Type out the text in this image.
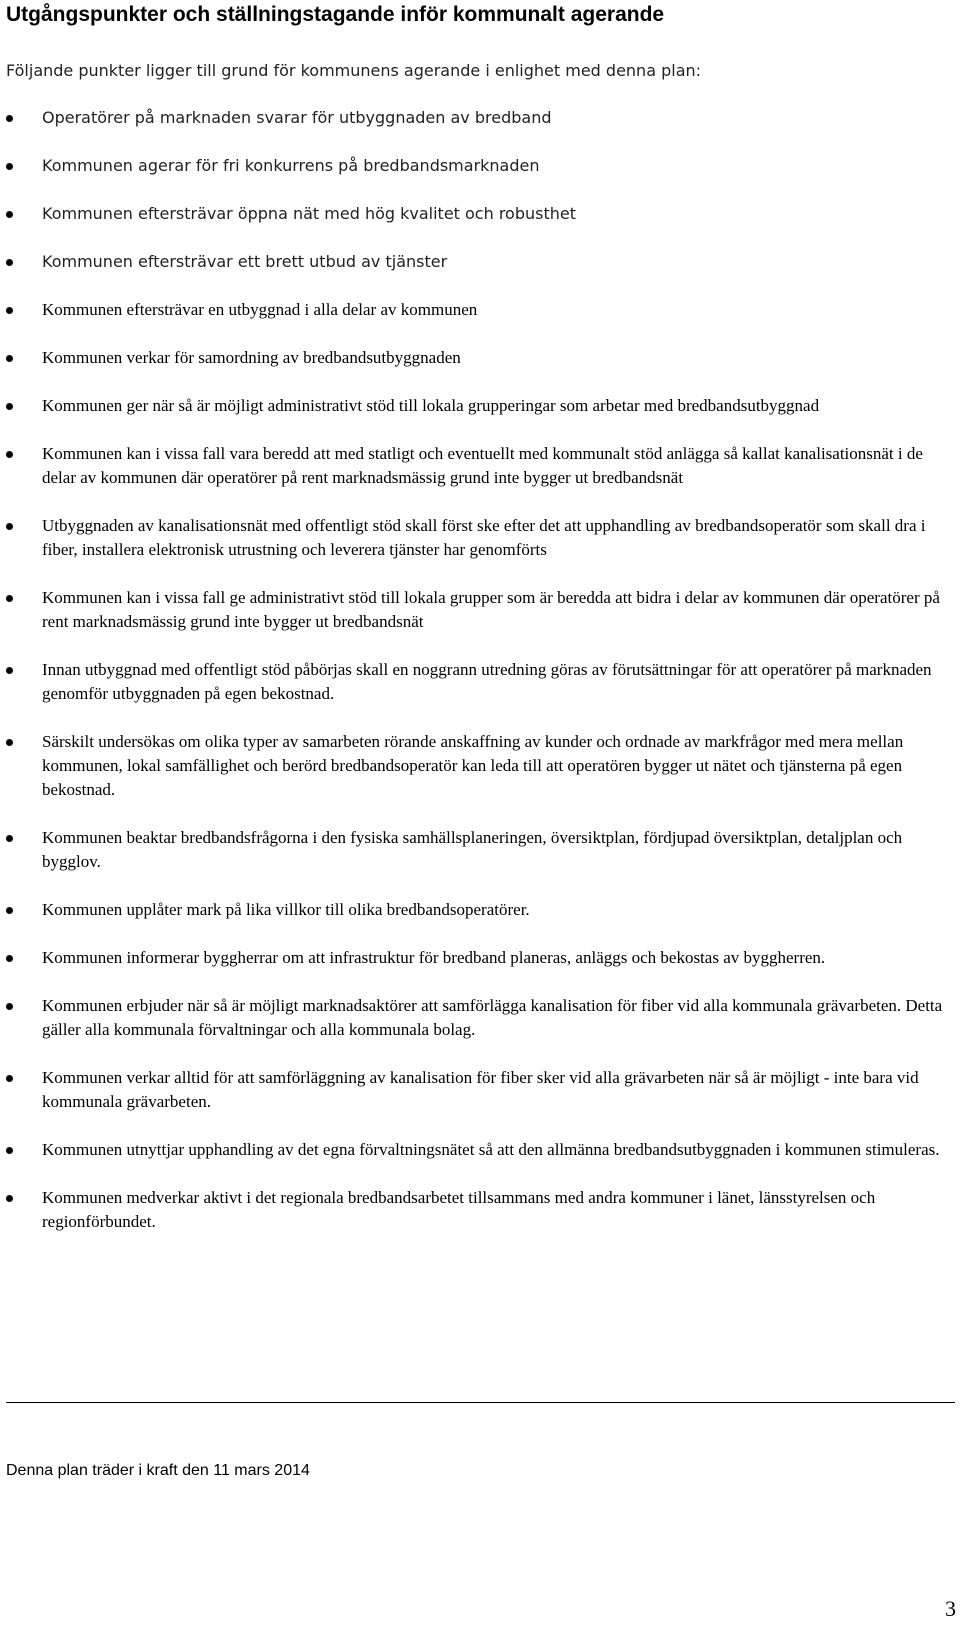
Utgångspunkter och ställningstagande inför kommunalt agerande

Följande punkter ligger till grund för kommunens agerande i enlighet med denna plan:

Operatörer på marknaden svarar för utbyggnaden av bredband
Kommunen agerar för fri konkurrens på bredbandsmarknaden
Kommunen eftersträvar öppna nät med hög kvalitet och robusthet
Kommunen eftersträvar ett brett utbud av tjänster
Kommunen eftersträvar en utbyggnad i alla delar av kommunen
Kommunen verkar för samordning av bredbandsutbyggnaden
Kommunen ger när så är möjligt administrativt stöd till lokala grupperingar som arbetar med bredbandsutbyggnad
Kommunen kan i vissa fall vara beredd att med statligt och eventuellt med kommunalt stöd anlägga så kallat kanalisationsnät i de delar av kommunen där operatörer på rent marknadsmässig grund inte bygger ut bredbandsnät
Utbyggnaden av kanalisationsnät med offentligt stöd skall först ske efter det att upphandling av bredbandsoperatör som skall dra i fiber, installera elektronisk utrustning och leverera tjänster har genomförts
Kommunen kan i vissa fall ge administrativt stöd till lokala grupper som är beredda att bidra i delar av kommunen där operatörer på rent marknadsmässig grund inte bygger ut bredbandsnät
Innan utbyggnad med offentligt stöd påbörjas skall en noggrann utredning göras av förutsättningar för att operatörer på marknaden genomför utbyggnaden på egen bekostnad.
Särskilt undersökas om olika typer av samarbeten rörande anskaffning av kunder och ordnade av markfrågor med mera mellan kommunen, lokal samfällighet och berörd bredbandsoperatör kan leda till att operatören bygger ut nätet och tjänsterna på egen bekostnad.
Kommunen beaktar bredbandsfrågorna i den fysiska samhällsplaneringen, översiktplan, fördjupad översiktplan, detaljplan och bygglov.
Kommunen upplåter mark på lika villkor till olika bredbandsoperatörer.
Kommunen informerar byggherrar om att infrastruktur för bredband planeras, anläggs och bekostas av byggherren.
Kommunen erbjuder när så är möjligt marknadsaktörer att samförlägga kanalisation för fiber vid alla kommunala grävarbeten. Detta gäller alla kommunala förvaltningar och alla kommunala bolag.
Kommunen verkar alltid för att samförläggning av kanalisation för fiber sker vid alla grävarbeten när så är möjligt - inte bara vid kommunala grävarbeten.
Kommunen utnyttjar upphandling av det egna förvaltningsnätet så att den allmänna bredbandsutbyggnaden i kommunen stimuleras.
Kommunen medverkar aktivt i det regionala bredbandsarbetet tillsammans med andra kommuner i länet, länsstyrelsen och regionförbundet.

Denna plan träder i kraft den 11 mars 2014

3
